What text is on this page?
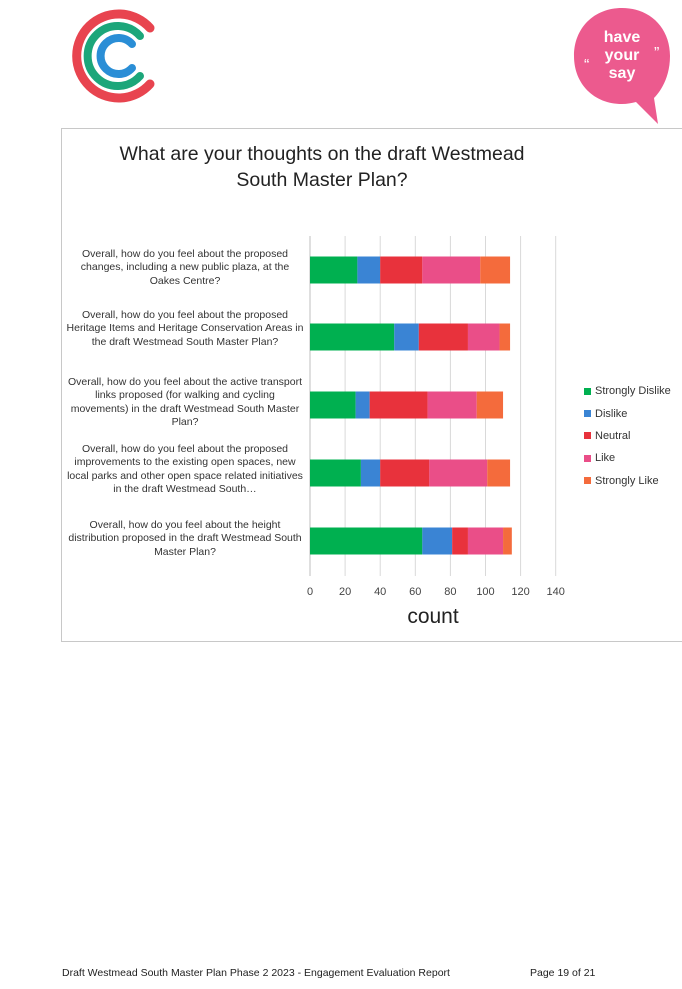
“
”
have
your
say
What are your thoughts on the draft Westmead
South Master Plan?
Overall, how do you feel about the proposed changes, including a new public plaza, at the Oakes Centre?
Overall, how do you feel about the proposed Heritage Items and Heritage Conservation Areas in the draft Westmead South Master Plan?
Overall, how do you feel about the active transport links proposed (for walking and cycling movements) in the draft Westmead South Master Plan?
Overall, how do you feel about the proposed improvements to the existing open spaces, new local parks and other open space related initiatives in the draft Westmead South…
Overall, how do you feel about the height distribution proposed in the draft Westmead South Master Plan?
0 20 40 60 80 100 120 140
count
Strongly Dislike
Dislike
Neutral
Like
Strongly Like
Draft Westmead South Master Plan Phase 2 2023 - Engagement Evaluation Report	Page 19 of 21
